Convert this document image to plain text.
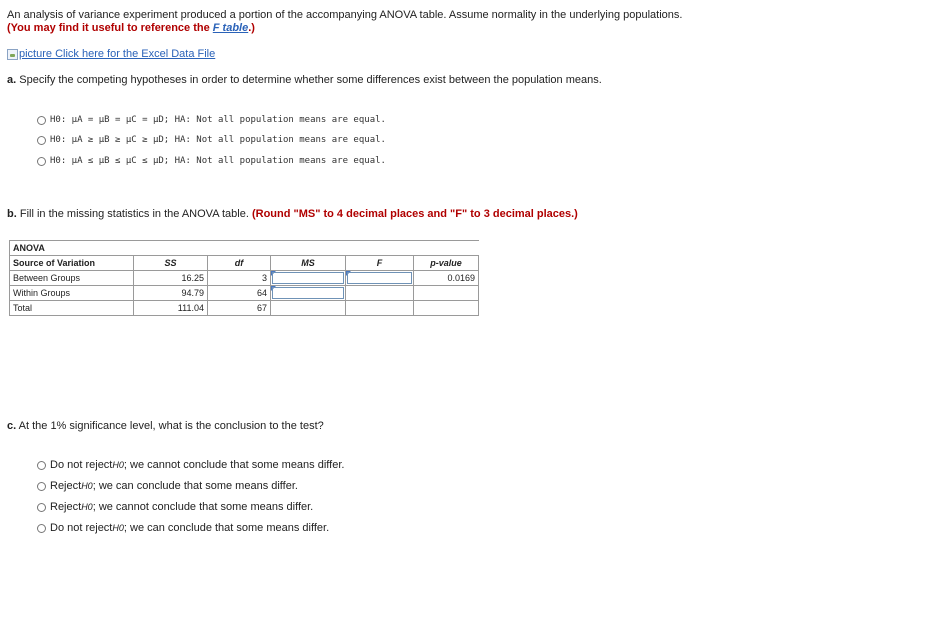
An analysis of variance experiment produced a portion of the accompanying ANOVA table. Assume normality in the underlying populations. (You may find it useful to reference the F table.)
picture Click here for the Excel Data File
a. Specify the competing hypotheses in order to determine whether some differences exist between the population means.
H0: μA = μB = μC = μD; HA: Not all population means are equal.
H0: μA ≥ μB ≥ μC ≥ μD; HA: Not all population means are equal.
H0: μA ≤ μB ≤ μC ≤ μD; HA: Not all population means are equal.
b. Fill in the missing statistics in the ANOVA table. (Round "MS" to 4 decimal places and "F" to 3 decimal places.)
ANOVA					
Source of Variation	SS	df	MS	F	p-value
Between Groups	16.25	3			0.0169
Within Groups	94.79	64	

Total	111.04	67			
c. At the 1% significance level, what is the conclusion to the test?
Do not reject H0 ; we cannot conclude that some means differ.
Reject H0 ; we can conclude that some means differ.
Reject H0 ; we cannot conclude that some means differ.
Do not reject H0 ; we can conclude that some means differ.
